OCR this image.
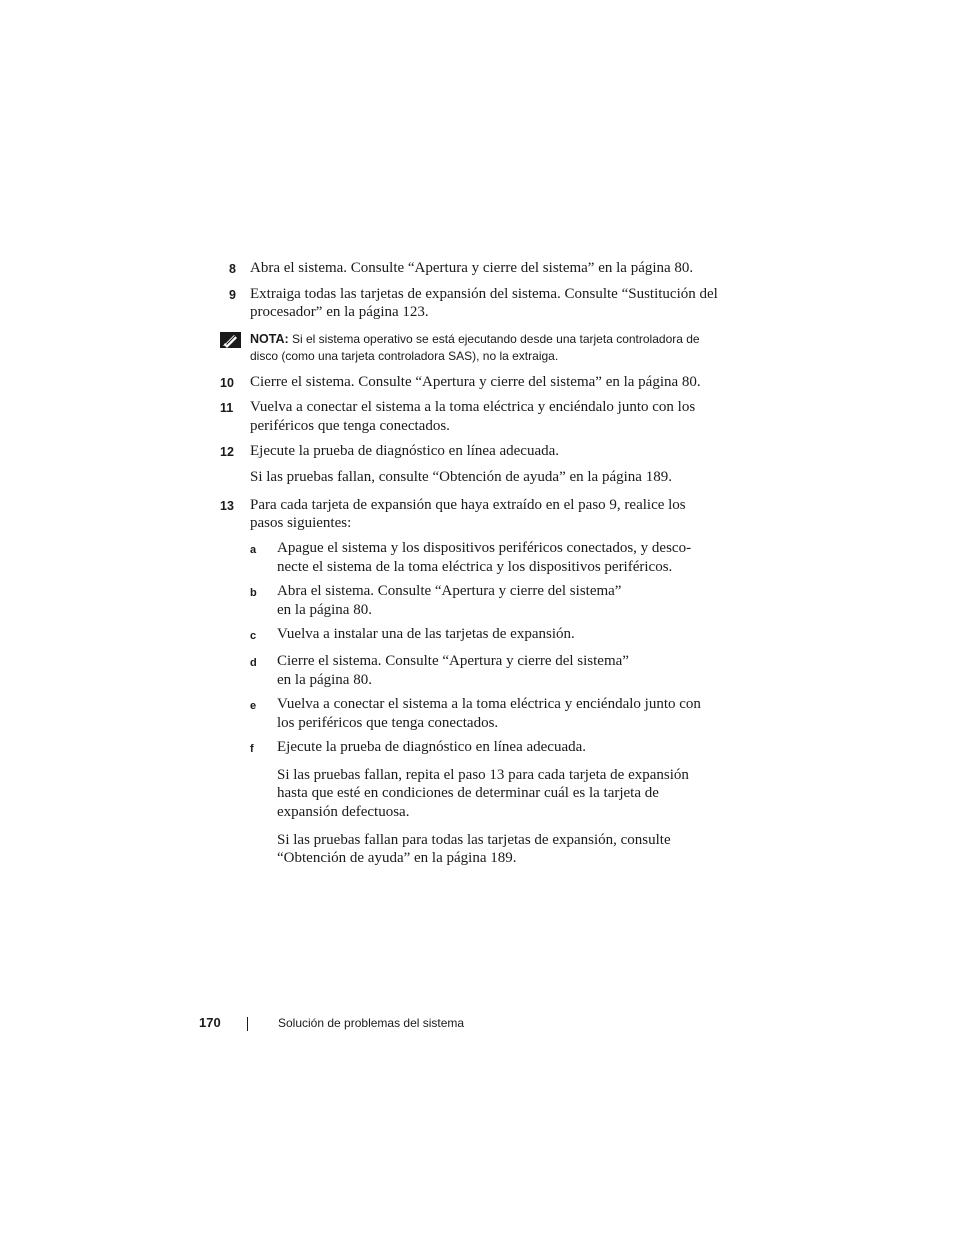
8 Abra el sistema. Consulte “Apertura y cierre del sistema” en la página 80.
9 Extraiga todas las tarjetas de expansión del sistema. Consulte “Sustitución del procesador” en la página 123.
NOTA: Si el sistema operativo se está ejecutando desde una tarjeta controladora de disco (como una tarjeta controladora SAS), no la extraiga.
10	Cierre el sistema. Consulte “Apertura y cierre del sistema” en la página 80.
11	Vuelva a conectar el sistema a la toma eléctrica y enciéndalo junto con los periféricos que tenga conectados.
12	Ejecute la prueba de diagnóstico en línea adecuada.
Si las pruebas fallan, consulte “Obtención de ayuda” en la página 189.
13	Para cada tarjeta de expansión que haya extraído en el paso 9, realice los pasos siguientes:
a	Apague el sistema y los dispositivos periféricos conectados, y desco-
necte el sistema de la toma eléctrica y los dispositivos periféricos.
b	Abra el sistema. Consulte “Apertura y cierre del sistema”
en la página 80.
c	Vuelva a instalar una de las tarjetas de expansión.
d	Cierre el sistema. Consulte “Apertura y cierre del sistema”
en la página 80.
e	Vuelva a conectar el sistema a la toma eléctrica y enciéndalo junto con los periféricos que tenga conectados.
f	Ejecute la prueba de diagnóstico en línea adecuada.
Si las pruebas fallan, repita el paso 13 para cada tarjeta de expansión hasta que esté en condiciones de determinar cuál es la tarjeta de expansión defectuosa.
Si las pruebas fallan para todas las tarjetas de expansión, consulte “Obtención de ayuda” en la página 189.
170	Solución de problemas del sistema
